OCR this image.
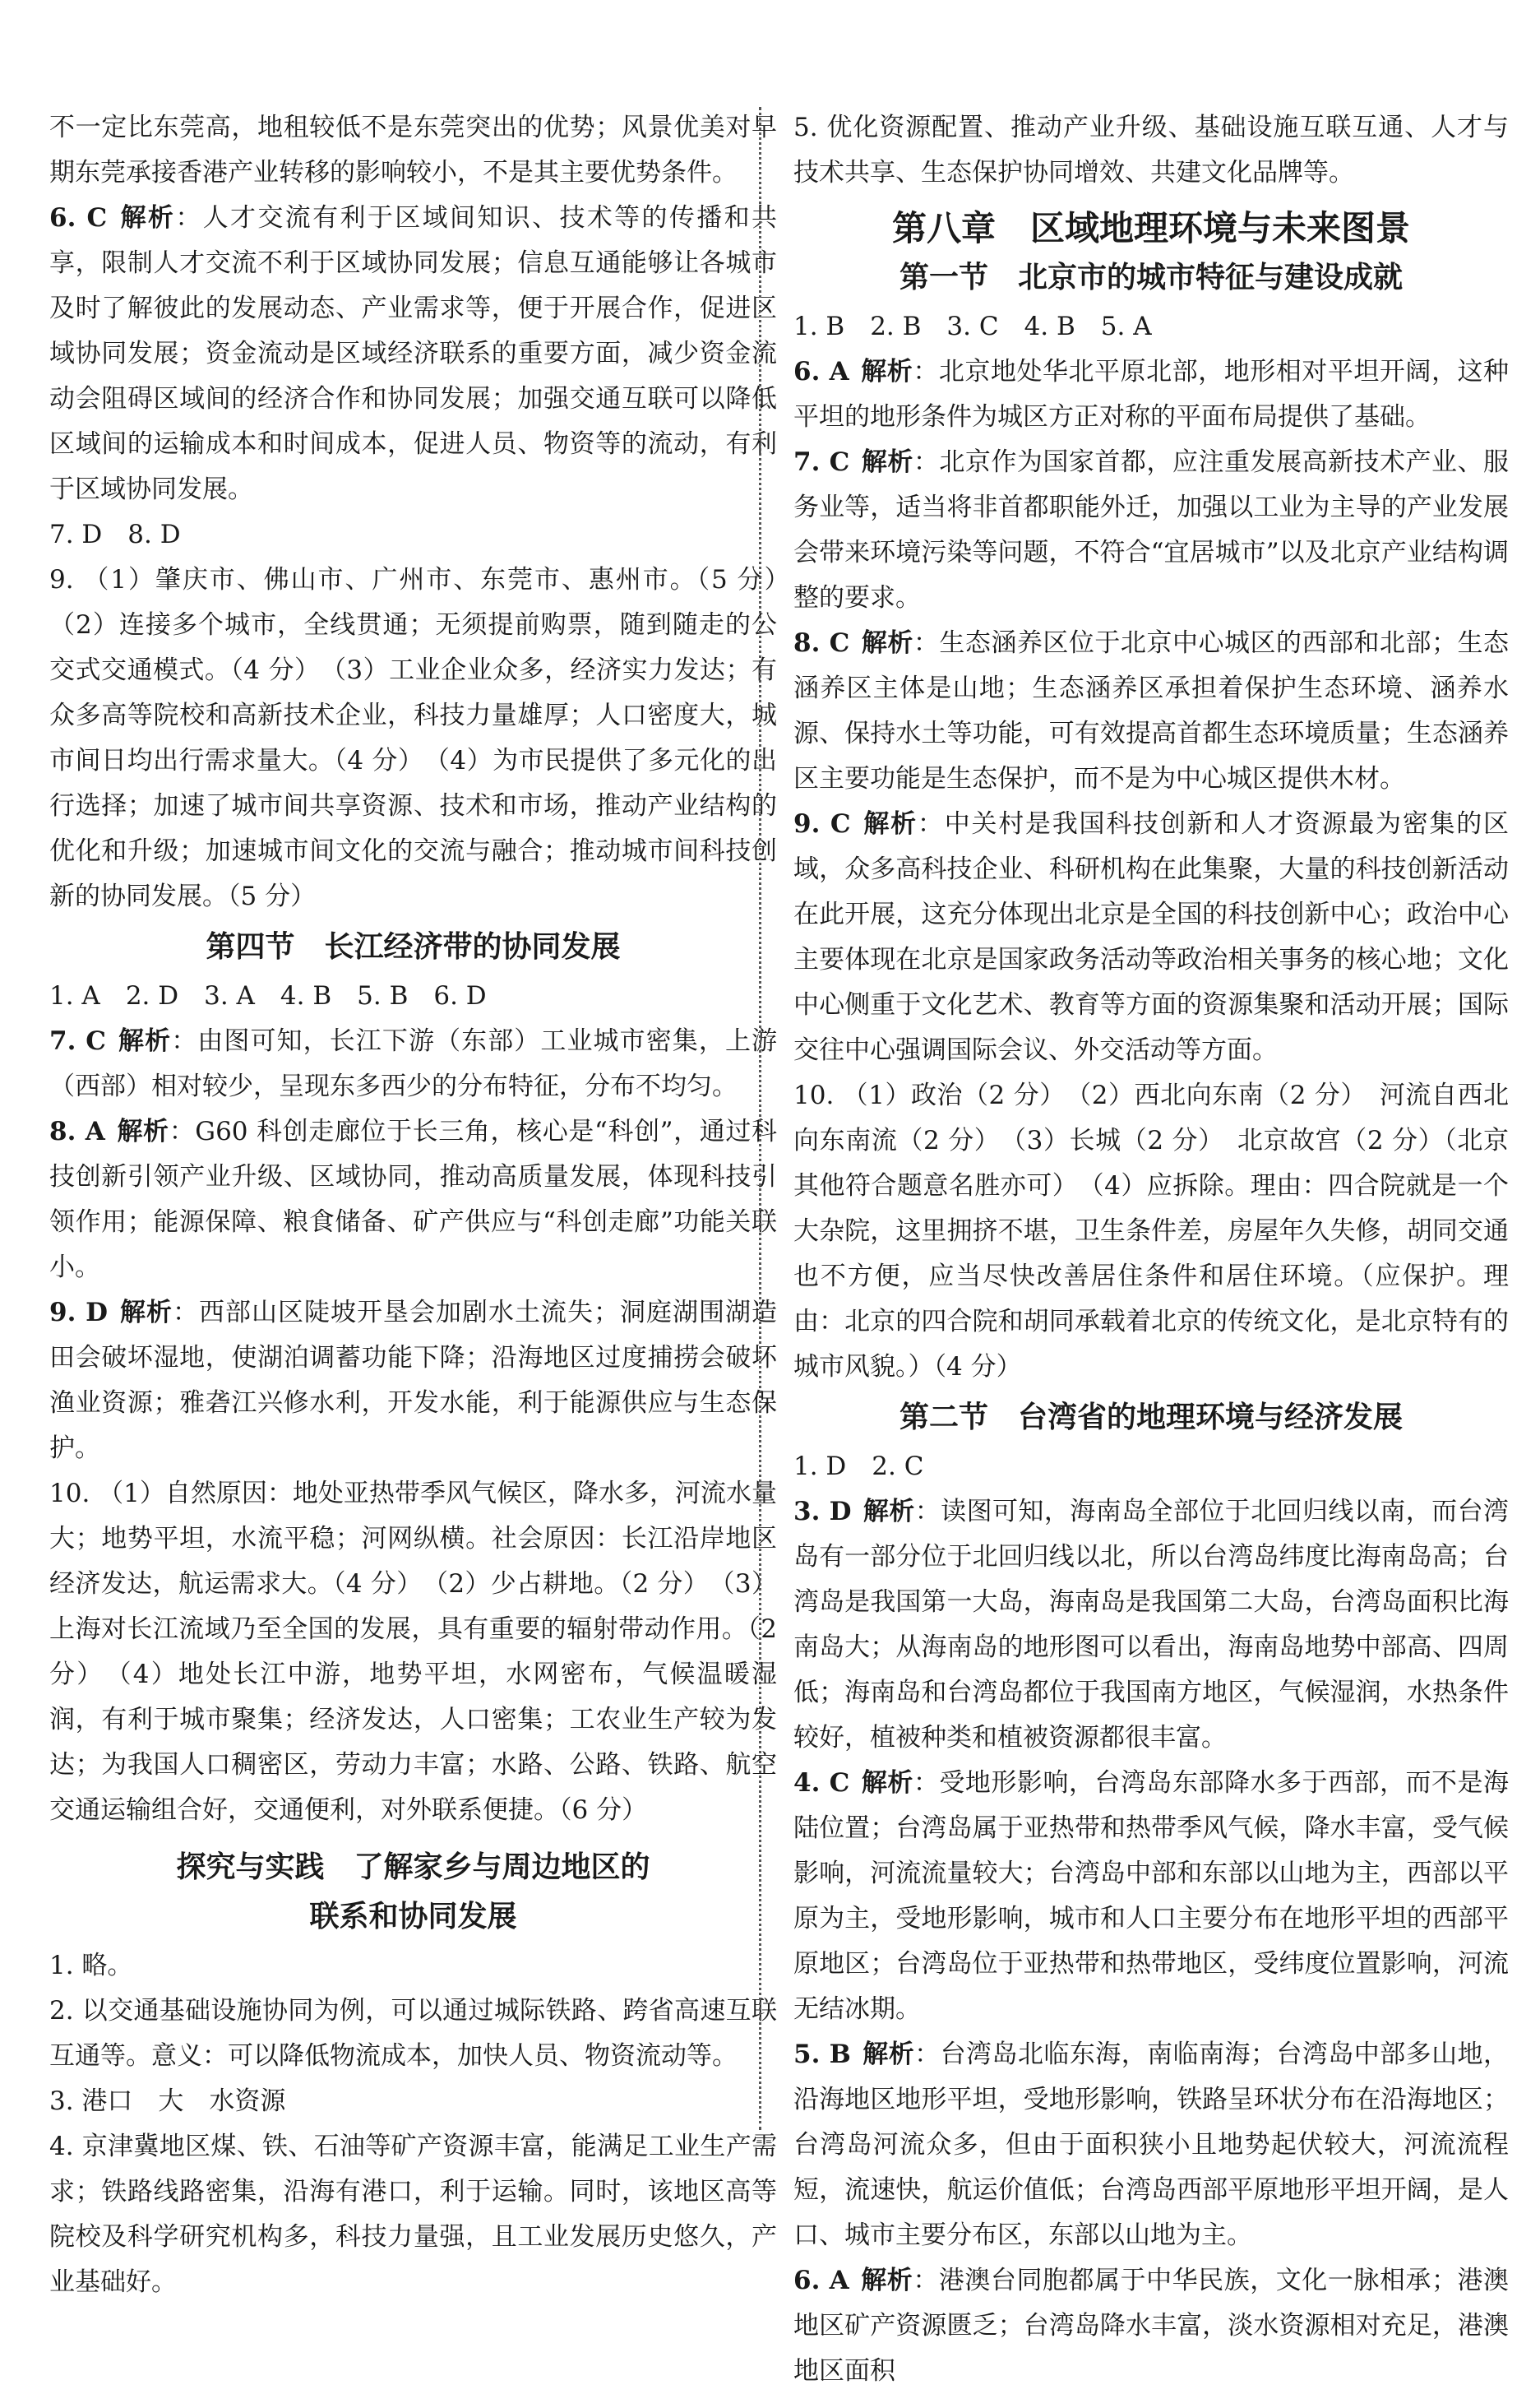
不一定比东莞高，地租较低不是东莞突出的优势；风景优美对早期东莞承接香港产业转移的影响较小，不是其主要优势条件。

6. C 解析：人才交流有利于区域间知识、技术等的传播和共享，限制人才交流不利于区域协同发展；信息互通能够让各城市及时了解彼此的发展动态、产业需求等，便于开展合作，促进区域协同发展；资金流动是区域经济联系的重要方面，减少资金流动会阻碍区域间的经济合作和协同发展；加强交通互联可以降低区域间的运输成本和时间成本，促进人员、物资等的流动，有利于区域协同发展。

7. D　8. D

9. （1）肇庆市、佛山市、广州市、东莞市、惠州市。（5 分）　（2）连接多个城市，全线贯通；无须提前购票，随到随走的公交式交通模式。（4 分）　（3）工业企业众多，经济实力发达；有众多高等院校和高新技术企业，科技力量雄厚；人口密度大，城市间日均出行需求量大。（4 分）　（4）为市民提供了多元化的出行选择；加速了城市间共享资源、技术和市场，推动产业结构的优化和升级；加速城市间文化的交流与融合；推动城市间科技创新的协同发展。（5 分）

第四节　长江经济带的协同发展

1. A　2. D　3. A　4. B　5. B　6. D

7. C 解析：由图可知，长江下游（东部）工业城市密集，上游（西部）相对较少，呈现东多西少的分布特征，分布不均匀。

8. A 解析：G60 科创走廊位于长三角，核心是“科创”，通过科技创新引领产业升级、区域协同，推动高质量发展，体现科技引领作用；能源保障、粮食储备、矿产供应与“科创走廊”功能关联小。

9. D 解析：西部山区陡坡开垦会加剧水土流失；洞庭湖围湖造田会破坏湿地，使湖泊调蓄功能下降；沿海地区过度捕捞会破坏渔业资源；雅砻江兴修水利，开发水能，利于能源供应与生态保护。

10. （1）自然原因：地处亚热带季风气候区，降水多，河流水量大；地势平坦，水流平稳；河网纵横。社会原因：长江沿岸地区经济发达，航运需求大。（4 分）　（2）少占耕地。（2 分）　（3）上海对长江流域乃至全国的发展，具有重要的辐射带动作用。（2 分）　（4）地处长江中游，地势平坦，水网密布，气候温暖湿润，有利于城市聚集；经济发达，人口密集；工农业生产较为发达；为我国人口稠密区，劳动力丰富；水路、公路、铁路、航空交通运输组合好，交通便利，对外联系便捷。（6 分）

探究与实践　了解家乡与周边地区的
联系和协同发展

1. 略。

2. 以交通基础设施协同为例，可以通过城际铁路、跨省高速互联互通等。意义：可以降低物流成本，加快人员、物资流动等。

3. 港口　大　水资源

4. 京津冀地区煤、铁、石油等矿产资源丰富，能满足工业生产需求；铁路线路密集，沿海有港口，利于运输。同时，该地区高等院校及科学研究机构多，科技力量强，且工业发展历史悠久，产业基础好。

5. 优化资源配置、推动产业升级、基础设施互联互通、人才与技术共享、生态保护协同增效、共建文化品牌等。

第八章　区域地理环境与未来图景
第一节　北京市的城市特征与建设成就

1. B　2. B　3. C　4. B　5. A

6. A 解析：北京地处华北平原北部，地形相对平坦开阔，这种平坦的地形条件为城区方正对称的平面布局提供了基础。

7. C 解析：北京作为国家首都，应注重发展高新技术产业、服务业等，适当将非首都职能外迁，加强以工业为主导的产业发展会带来环境污染等问题，不符合“宜居城市”以及北京产业结构调整的要求。

8. C 解析：生态涵养区位于北京中心城区的西部和北部；生态涵养区主体是山地；生态涵养区承担着保护生态环境、涵养水源、保持水土等功能，可有效提高首都生态环境质量；生态涵养区主要功能是生态保护，而不是为中心城区提供木材。

9. C 解析：中关村是我国科技创新和人才资源最为密集的区域，众多高科技企业、科研机构在此集聚，大量的科技创新活动在此开展，这充分体现出北京是全国的科技创新中心；政治中心主要体现在北京是国家政务活动等政治相关事务的核心地；文化中心侧重于文化艺术、教育等方面的资源集聚和活动开展；国际交往中心强调国际会议、外交活动等方面。

10. （1）政治（2 分）　（2）西北向东南（2 分）　河流自西北向东南流（2 分）　（3）长城（2 分）　北京故宫（2 分）（北京其他符合题意名胜亦可）　（4）应拆除。理由：四合院就是一个大杂院，这里拥挤不堪，卫生条件差，房屋年久失修，胡同交通也不方便，应当尽快改善居住条件和居住环境。（应保护。理由：北京的四合院和胡同承载着北京的传统文化，是北京特有的城市风貌。）（4 分）

第二节　台湾省的地理环境与经济发展

1. D　2. C

3. D 解析：读图可知，海南岛全部位于北回归线以南，而台湾岛有一部分位于北回归线以北，所以台湾岛纬度比海南岛高；台湾岛是我国第一大岛，海南岛是我国第二大岛，台湾岛面积比海南岛大；从海南岛的地形图可以看出，海南岛地势中部高、四周低；海南岛和台湾岛都位于我国南方地区，气候湿润，水热条件较好，植被种类和植被资源都很丰富。

4. C 解析：受地形影响，台湾岛东部降水多于西部，而不是海陆位置；台湾岛属于亚热带和热带季风气候，降水丰富，受气候影响，河流流量较大；台湾岛中部和东部以山地为主，西部以平原为主，受地形影响，城市和人口主要分布在地形平坦的西部平原地区；台湾岛位于亚热带和热带地区，受纬度位置影响，河流无结冰期。

5. B 解析：台湾岛北临东海，南临南海；台湾岛中部多山地，沿海地区地形平坦，受地形影响，铁路呈环状分布在沿海地区；台湾岛河流众多，但由于面积狭小且地势起伏较大，河流流程短，流速快，航运价值低；台湾岛西部平原地形平坦开阔，是人口、城市主要分布区，东部以山地为主。

6. A 解析：港澳台同胞都属于中华民族，文化一脉相承；港澳地区矿产资源匮乏；台湾岛降水丰富，淡水资源相对充足，港澳地区面积
